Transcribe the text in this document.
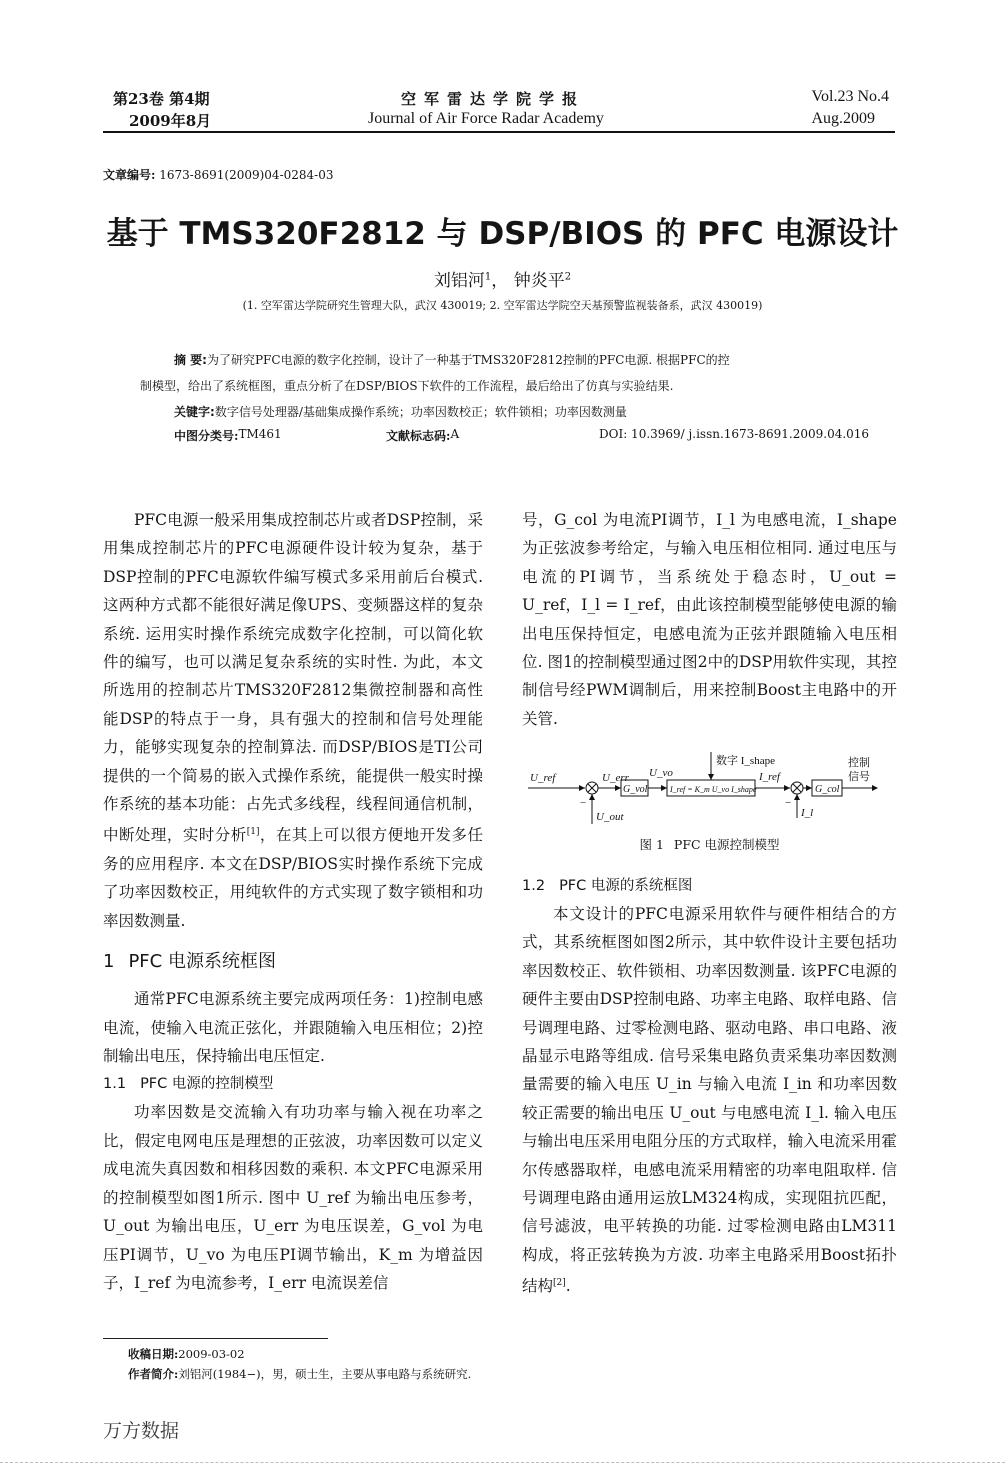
第23卷 第4期
2009年8月
空军雷达学院学报
Journal of Air Force Radar Academy
Vol.23 No.4
Aug.2009
文章编号: 1673-8691(2009)04-0284-03
基于 TMS320F2812 与 DSP/BIOS 的 PFC 电源设计
刘铝河$^1$， 钟炎平$^2$
(1. 空军雷达学院研究生管理大队，武汉 430019; 2. 空军雷达学院空天基预警监视装备系，武汉 430019)
摘 要:为了研究PFC电源的数字化控制，设计了一种基于TMS320F2812控制的PFC电源. 根据PFC的控
制模型，给出了系统框图，重点分析了在DSP/BIOS下软件的工作流程，最后给出了仿真与实验结果.
关键字:数字信号处理器/基础集成操作系统；功率因数校正；软件锁相；功率因数测量
中图分类号: TM461	文献标志码: A	DOI: 10.3969/ j.issn.1673-8691.2009.04.016

PFC电源一般采用集成控制芯片或者DSP控制，采用集成控制芯片的PFC电源硬件设计较为复杂，基于DSP控制的PFC电源软件编写模式多采用前后台模式. 这两种方式都不能很好满足像UPS、变频器这样的复杂系统. 运用实时操作系统完成数字化控制，可以简化软件的编写，也可以满足复杂系统的实时性. 为此，本文所选用的控制芯片TMS320F2812集微控制器和高性能DSP的特点于一身，具有强大的控制和信号处理能力，能够实现复杂的控制算法. 而DSP/BIOS是TI公司提供的一个简易的嵌入式操作系统，能提供一般实时操作系统的基本功能：占先式多线程，线程间通信机制，中断处理，实时分析[1]，在其上可以很方便地开发多任务的应用程序. 本文在DSP/BIOS实时操作系统下完成了功率因数校正，用纯软件的方式实现了数字锁相和功率因数测量.

1 PFC 电源系统框图

通常PFC电源系统主要完成两项任务：1)控制电感电流，使输入电流正弦化，并跟随输入电压相位；2)控制输出电压，保持输出电压恒定.

1.1 PFC 电源的控制模型

功率因数是交流输入有功功率与输入视在功率之比，假定电网电压是理想的正弦波，功率因数可以定义成电流失真因数和相移因数的乘积. 本文PFC电源采用的控制模型如图1所示. 图中 U_ref 为输出电压参考，U_out 为输出电压，U_err 为电压误差，G_vol 为电压PI调节，U_vo 为电压PI调节输出，K_m 为增益因子，I_ref 为电流参考，I_err 电流误差信

号，G_col 为电流PI调节，I_l 为电感电流，I_shape 为正弦波参考给定，与输入电压相位相同. 通过电压与电流的PI调节，当系统处于稳态时，U_out = U_ref，I_l = I_ref，由此该控制模型能够使电源的输出电压保持恒定，电感电流为正弦并跟随输入电压相位. 图1的控制模型通过图2中的DSP用软件实现，其控制信号经PWM调制后，用来控制Boost主电路中的开关管.

U_ref	U_err U_vo
G_vol	I_ref = K_m U_vo I_shape
数字 I_shape
I_ref
G_col
控制
信号
U_out	I_l
−	−
图 1 PFC 电源控制模型
1.2 PFC 电源的系统框图

本文设计的PFC电源采用软件与硬件相结合的方式，其系统框图如图2所示，其中软件设计主要包括功率因数校正、软件锁相、功率因数测量. 该PFC电源的硬件主要由DSP控制电路、功率主电路、取样电路、信号调理电路、过零检测电路、驱动电路、串口电路、液晶显示电路等组成. 信号采集电路负责采集功率因数测量需要的输入电压 U_in 与输入电流 I_in 和功率因数较正需要的输出电压 U_out 与电感电流 I_l. 输入电压与输出电压采用电阻分压的方式取样，输入电流采用霍尔传感器取样，电感电流采用精密的功率电阻取样. 信号调理电路由通用运放LM324构成，实现阻抗匹配，信号滤波，电平转换的功能. 过零检测电路由LM311构成，将正弦转换为方波. 功率主电路采用Boost拓扑结构[2].

收稿日期:2009-03-02
作者简介:刘铝河(1984−)，男，硕士生，主要从事电路与系统研究.
万方数据
